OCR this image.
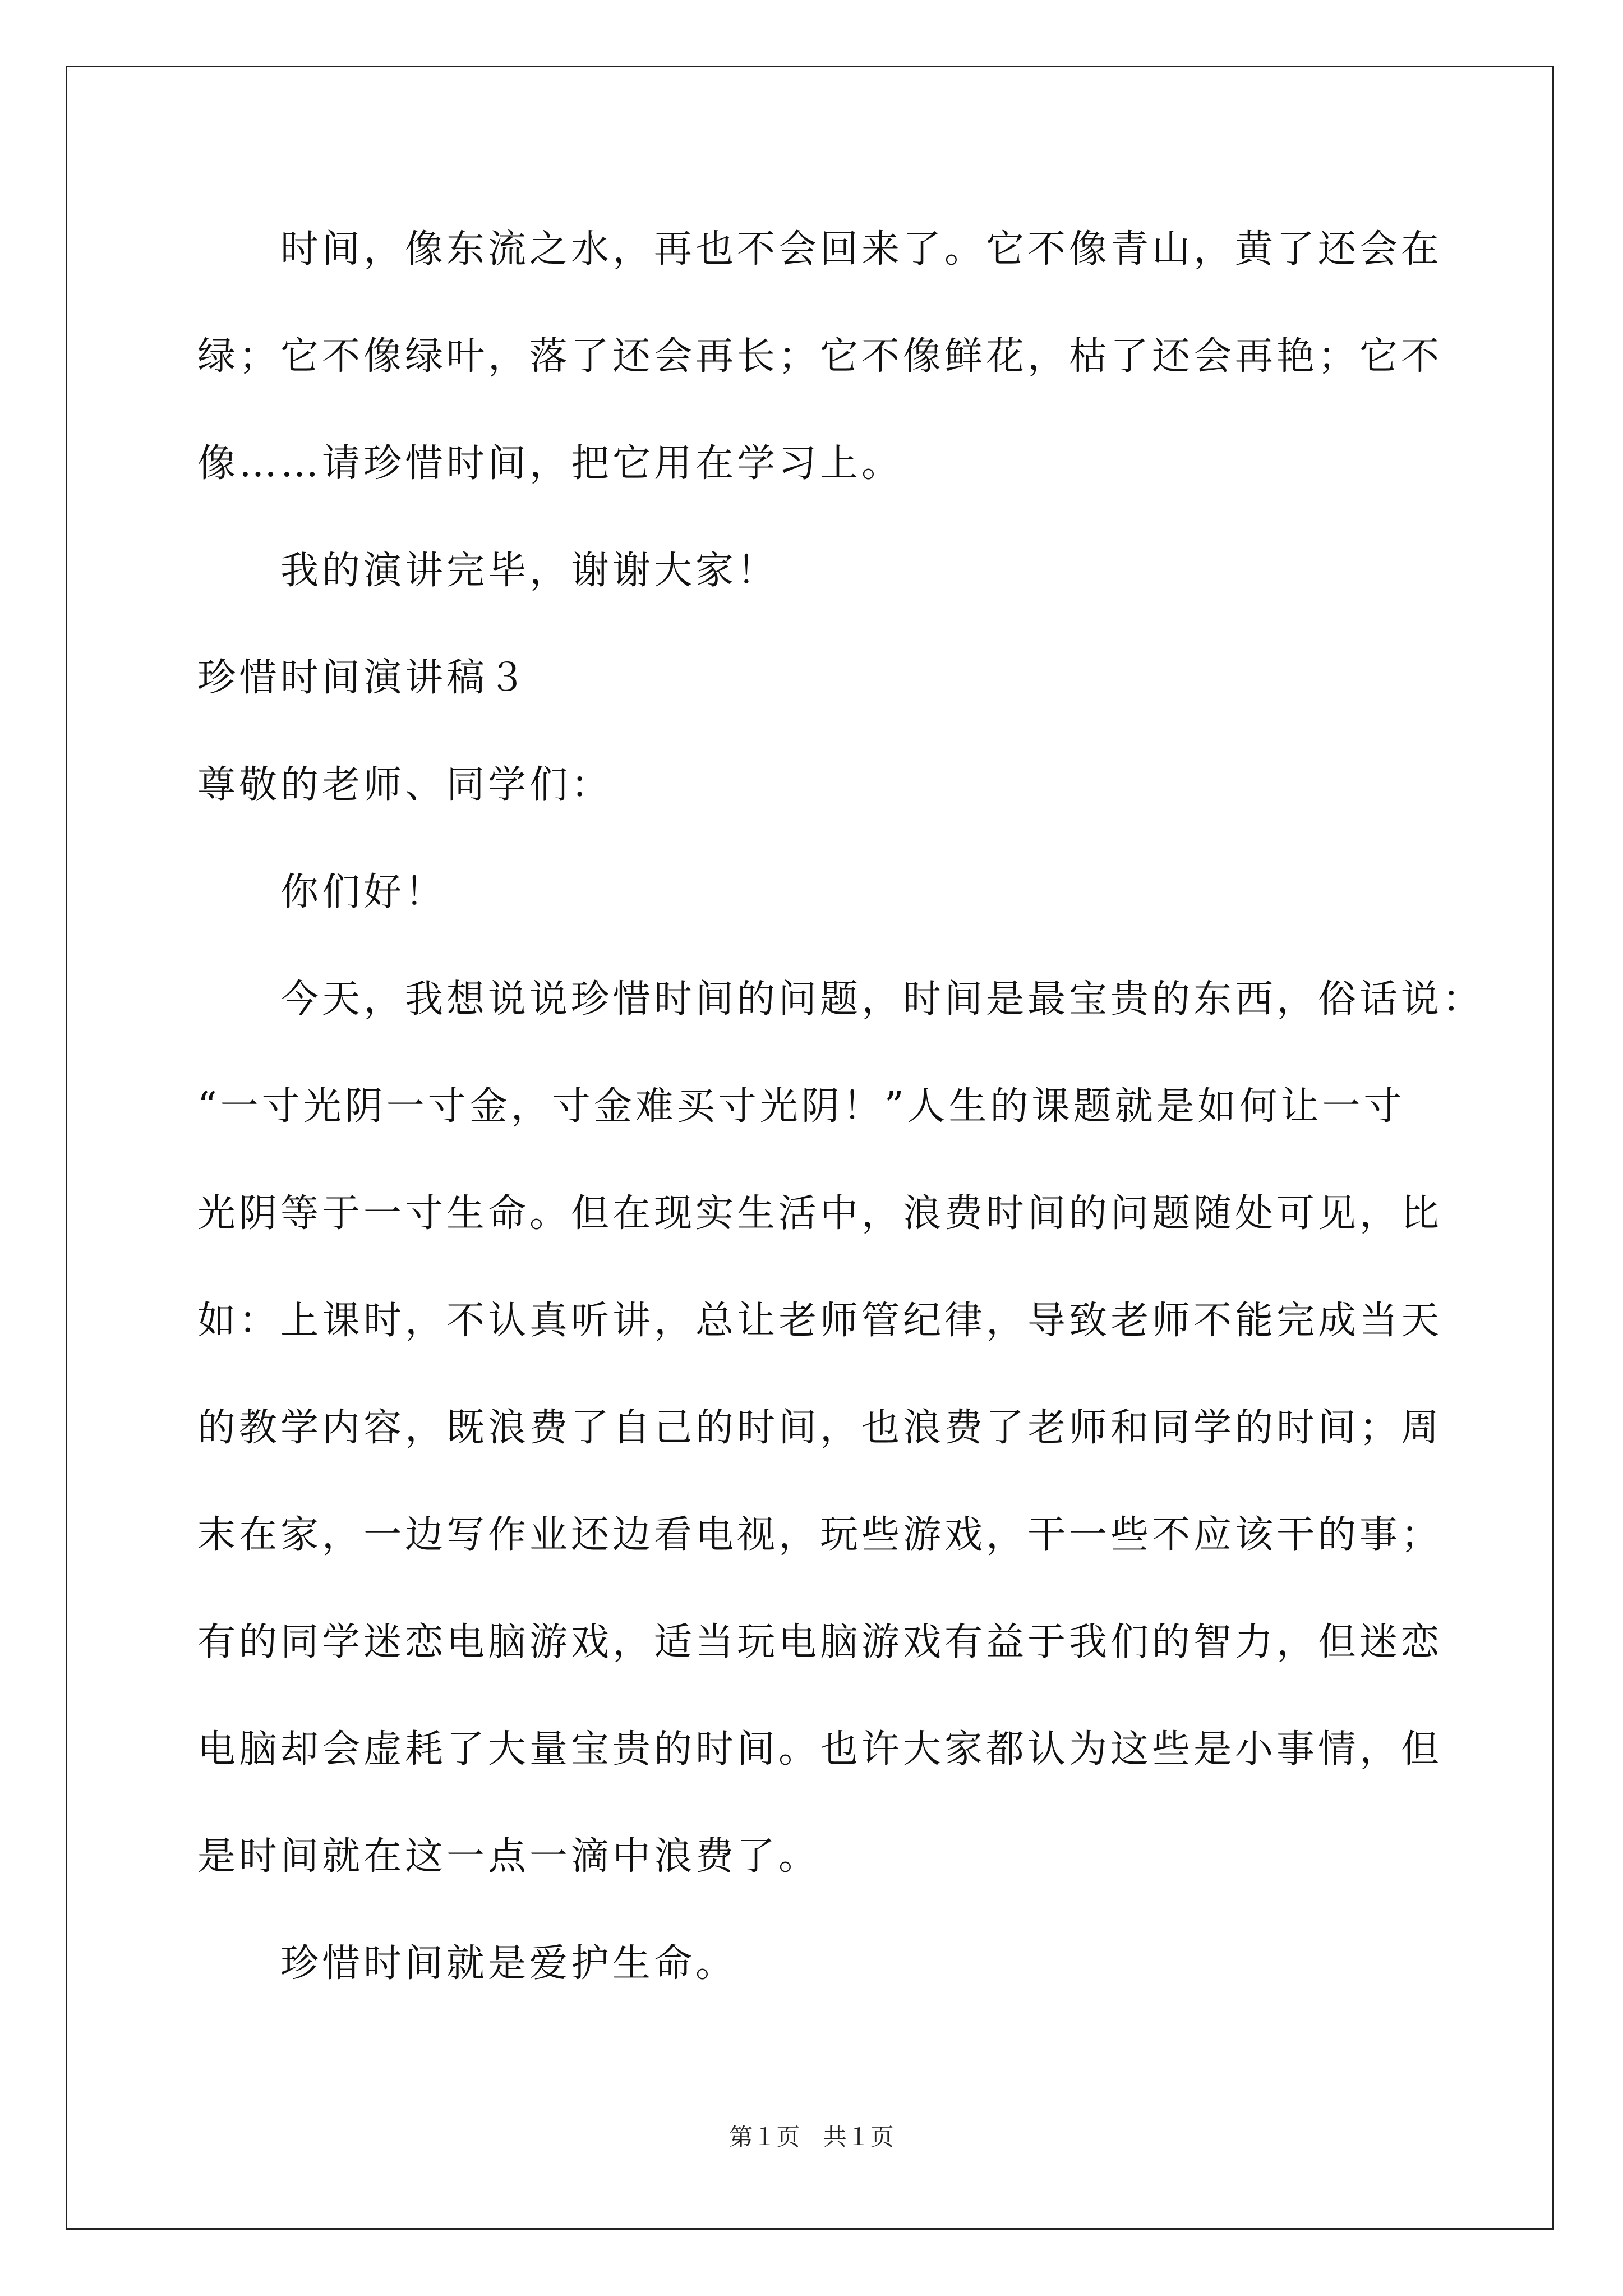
时间，像东流之水，再也不会回来了。它不像青山，黄了还会在
绿；它不像绿叶，落了还会再长；它不像鲜花，枯了还会再艳；它不
像……请珍惜时间，把它用在学习上。
我的演讲完毕，谢谢大家！
珍惜时间演讲稿３
尊敬的老师、同学们：
你们好！
今天，我想说说珍惜时间的问题，时间是最宝贵的东西，俗话说：
“一寸光阴一寸金，寸金难买寸光阴！”人生的课题就是如何让一寸
光阴等于一寸生命。但在现实生活中，浪费时间的问题随处可见，比
如：上课时，不认真听讲，总让老师管纪律，导致老师不能完成当天
的教学内容，既浪费了自己的时间，也浪费了老师和同学的时间；周
末在家，一边写作业还边看电视，玩些游戏，干一些不应该干的事；
有的同学迷恋电脑游戏，适当玩电脑游戏有益于我们的智力，但迷恋
电脑却会虚耗了大量宝贵的时间。也许大家都认为这些是小事情，但
是时间就在这一点一滴中浪费了。
珍惜时间就是爱护生命。
第１页 共１页
